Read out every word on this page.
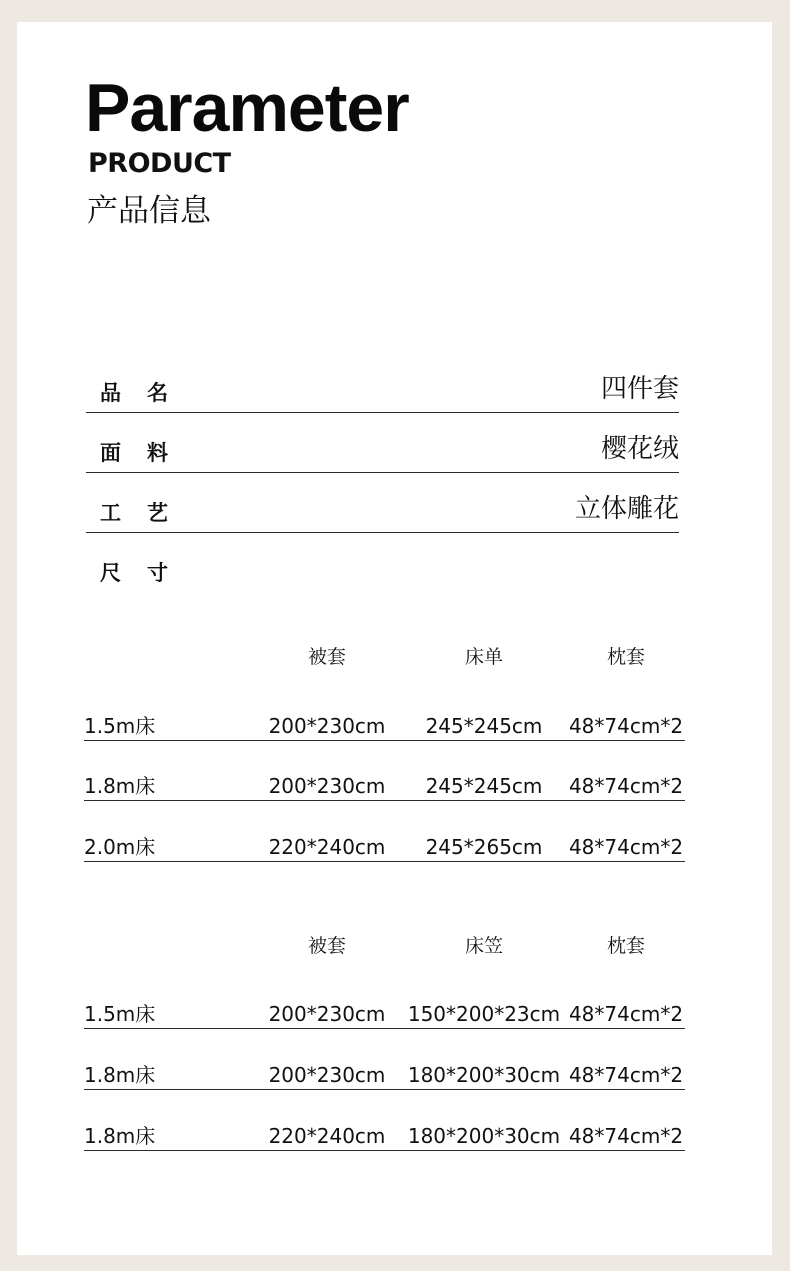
Parameter
PRODUCT
产品信息
品名	四件套
面料	樱花绒
工艺	立体雕花
尺寸
被套	床单	枕套
1.5m床	200*230cm 245*245cm 48*74cm*2
1.8m床	200*230cm 245*245cm 48*74cm*2
2.0m床	220*240cm 245*265cm 48*74cm*2
被套	床笠	枕套
1.5m床	200*230cm 150*200*23cm 48*74cm*2
1.8m床	200*230cm 180*200*30cm 48*74cm*2
1.8m床	220*240cm 180*200*30cm 48*74cm*2
